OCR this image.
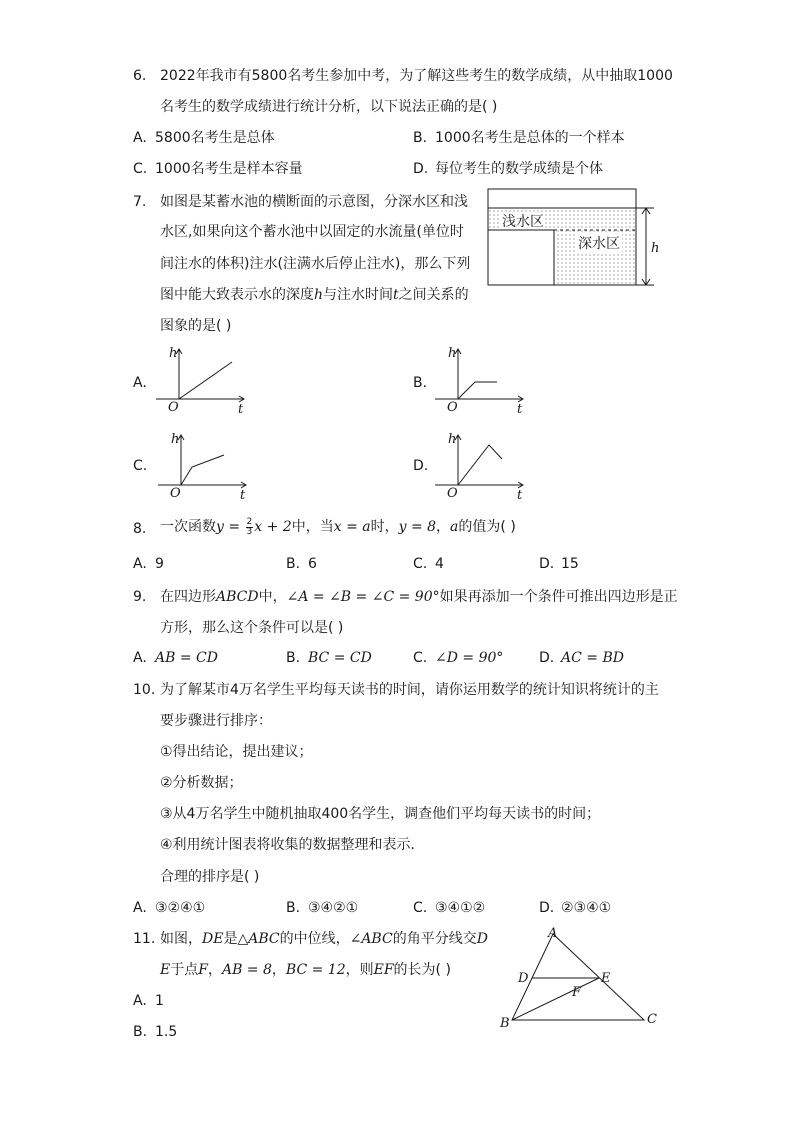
6. 2022年我市有5800名考生参加中考，为了解这些考生的数学成绩，从中抽取1000
名考生的数学成绩进行统计分析，以下说法正确的是( )
A. 5800名考生是总体	B. 1000名考生是总体的一个样本
C. 1000名考生是样本容量	D. 每位考生的数学成绩是个体
7. 如图是某蓄水池的横断面的示意图，分深水区和浅
水区,如果向这个蓄水池中以固定的水流量(单位时
间注水的体积)注水(注满水后停止注水)，那么下列
图中能大致表示水的深度h与注水时间t之间关系的
图象的是( )
浅水区
深水区 h
A.
h
O	t
B.
h
O	t
C.
h
O	t
D.
h
O	t
8. 一次函数$y = \frac{2}{3}$ x + 2中，当x = a时，y = 8，a的值为( )
A. 9	B. 6	C. 4	D. 15
9. 在四边形ABCD中，∠A = ∠B = ∠C = 90°如果再添加一个条件可推出四边形是正
方形，那么这个条件可以是( )
A. AB = CD	B. BC = CD	C. ∠D = 90°	D. AC = BD
10. 为了解某市4万名学生平均每天读书的时间，请你运用数学的统计知识将统计的主
要步骤进行排序：
①得出结论，提出建议；
②分析数据；
③从4万名学生中随机抽取400名学生，调查他们平均每天读书的时间；
④利用统计图表将收集的数据整理和表示．
合理的排序是( )
A. ③②④①	B. ③④②①	C. ③④①②	D. ②③④①
11. 如图，DE是△ABC的中位线，∠ABC的角平分线交D
E于点F，AB = 8，BC = 12，则EF的长为( )
A. 1
B. 1.5
A
B	C
D	E
F
